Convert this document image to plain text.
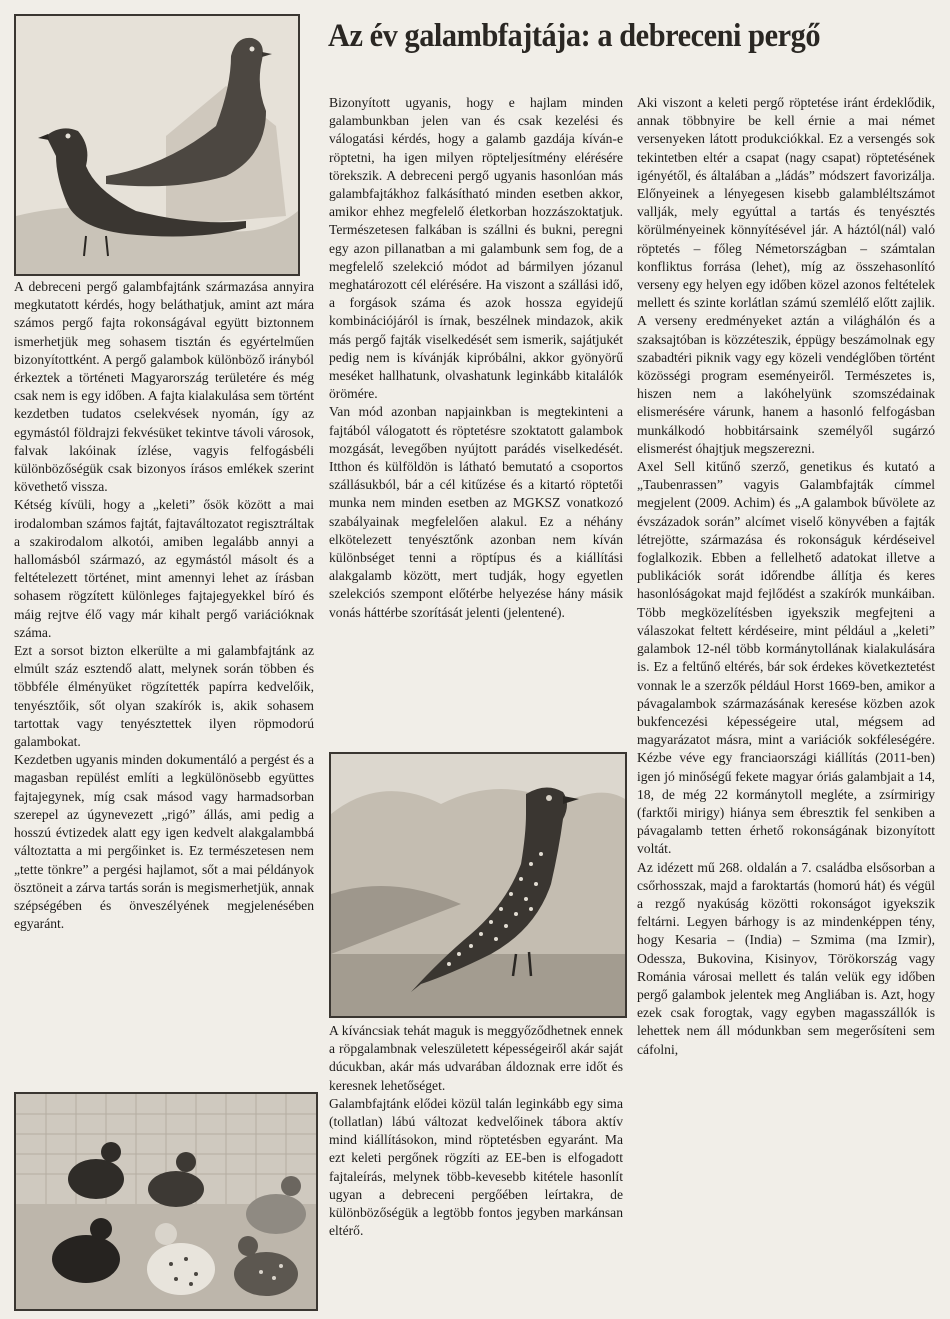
Az év galambfajtája: a debreceni pergő

A debreceni pergő galambfajtánk származása annyira megkutatott kérdés, hogy beláthatjuk, amint azt mára számos pergő fajta rokonságával együtt biztonnem ismerhetjük meg sohasem tisztán és egyértelműen bizonyítottként. A pergő galambok különböző irányból érkeztek a történeti Magyarország területére és még csak nem is egy időben. A fajta kialakulása sem történt kezdetben tudatos cselekvések nyomán, így az egymástól földrajzi fekvésüket tekintve távoli városok, falvak lakóinak ízlése, vagyis felfogásbéli különbözőségük csak bizonyos írásos emlékek szerint követhető vissza.

Kétség kívüli, hogy a „keleti” ősök között a mai irodalomban számos fajtát, fajtaváltozatot regisztráltak a szakirodalom alkotói, amiben legalább annyi a hallomásból származó, az egymástól másolt és a feltételezett történet, mint amennyi lehet az írásban sohasem rögzített különleges fajtajegyekkel bíró és máig rejtve élő vagy már kihalt pergő variációknak száma.

Ezt a sorsot bizton elkerülte a mi galambfajtánk az elmúlt száz esztendő alatt, melynek során többen és többféle élményüket rögzítették papírra kedvelőik, tenyésztőik, sőt olyan szakírók is, akik sohasem tartottak vagy tenyésztettek ilyen röpmodorú galambokat.

Kezdetben ugyanis minden dokumentáló a pergést és a magasban repülést említi a legkülönösebb együttes fajtajegynek, míg csak másod vagy harmadsorban szerepel az úgynevezett „rigó” állás, ami pedig a hosszú évtizedek alatt egy igen kedvelt alakgalambbá változtatta a mi pergőinket is. Ez természetesen nem „tette tönkre” a pergési hajlamot, sőt a mai példányok ösztöneit a zárva tartás során is megismerhetjük, annak szépségében és önveszélyének megjelenésében egyaránt.

Bizonyított ugyanis, hogy e hajlam minden galambunkban jelen van és csak kezelési és válogatási kérdés, hogy a galamb gazdája kíván-e röptetni, ha igen milyen röpteljesítmény elérésére törekszik. A debreceni pergő ugyanis hasonlóan más galambfajtákhoz falkásítható minden esetben akkor, amikor ehhez megfelelő életkorban hozzászoktatjuk. Természetesen falkában is szállni és bukni, peregni egy azon pillanatban a mi galambunk sem fog, de a megfelelő szelekció módot ad bármilyen józanul meghatározott cél elérésére. Ha viszont a szállási idő, a forgások száma és azok hossza egyidejű kombinációjáról is írnak, beszélnek mindazok, akik más pergő fajták viselkedését sem ismerik, sajátjukét pedig nem is kívánják kipróbálni, akkor gyönyörű meséket hallhatunk, olvashatunk leginkább kitalálók örömére.

Van mód azonban napjainkban is megtekinteni a fajtából válogatott és röptetésre szoktatott galambok mozgását, levegőben nyújtott parádés viselkedését. Itthon és külföldön is látható bemutató a csoportos szállásukból, bár a cél kitűzése és a kitartó röptetői munka nem minden esetben az MGKSZ vonatkozó szabályainak megfelelően alakul. Ez a néhány elkötelezett tenyésztőnk azonban nem kíván különbséget tenni a röptípus és a kiállítási alakgalamb között, mert tudják, hogy egyetlen szelekciós szempont előtérbe helyezése hány másik vonás háttérbe szorítását jelenti (jelentené).

A kíváncsiak tehát maguk is meggyőződhetnek ennek a röpgalambnak veleszületett képességeiről akár saját dúcukban, akár más udvarában áldoznak erre időt és keresnek lehetőséget.

Galambfajtánk elődei közül talán leginkább egy sima (tollatlan) lábú változat kedvelőinek tábora aktív mind kiállításokon, mind röptetésben egyaránt. Ma ezt keleti pergőnek rögzíti az EE-ben is elfogadott fajtaleírás, melynek több-kevesebb kitétele hasonlít ugyan a debreceni pergőében leírtakra, de különbözőségük a legtöbb fontos jegyben markánsan eltérő.

Aki viszont a keleti pergő röptetése iránt érdeklődik, annak többnyire be kell érnie a mai német versenyeken látott produkciókkal. Ez a versengés sok tekintetben eltér a csapat (nagy csapat) röptetésének igényétől, és általában a „ládás” módszert favorizálja. Előnyeinek a lényegesen kisebb galambléltszámot vallják, mely egyúttal a tartás és tenyésztés körülményeinek könnyítésével jár. A háztól(nál) való röptetés – főleg Németországban – számtalan konfliktus forrása (lehet), míg az összehasonlító verseny egy helyen egy időben közel azonos feltételek mellett és szinte korlátlan számú szemlélő előtt zajlik. A verseny eredményeket aztán a világhálón és a szaksajtóban is közzéteszik, éppügy beszámolnak egy szabadtéri piknik vagy egy közeli vendéglőben történt közösségi program eseményeiről. Természetes is, hiszen nem a lakóhelyünk szomszédainak elismerésére várunk, hanem a hasonló felfogásban munkálkodó hobbitársaink személyől sugárzó elismerést óhajtjuk megszerezni.

Axel Sell kitűnő szerző, genetikus és kutató a „Taubenrassen” vagyis Galambfajták címmel megjelent (2009. Achim) és „A galambok bűvölete az évszázadok során” alcímet viselő könyvében a fajták létrejötte, származása és rokonságuk kérdéseivel foglalkozik. Ebben a fellelhető adatokat illetve a publikációk sorát időrendbe állítja és keres hasonlóságokat majd fejlődést a szakírók munkáiban. Több megközelítésben igyekszik megfejteni a válaszokat feltett kérdéseire, mint például a „keleti” galambok 12-nél több kormánytollának kialakulására is. Ez a feltűnő eltérés, bár sok érdekes következtetést vonnak le a szerzők például Horst 1669-ben, amikor a pávagalambok származásának keresése közben azok bukfencezési képességeire utal, mégsem ad magyarázatot másra, mint a variációk sokféleségére. Kézbe véve egy franciaországi kiállítás (2011-ben) igen jó minőségű fekete magyar óriás galambjait a 14, 18, de még 22 kormánytoll megléte, a zsírmirigy (farktői mirigy) hiánya sem ébresztik fel senkiben a pávagalamb tetten érhető rokonságának bizonyított voltát.

Az idézett mű 268. oldalán a 7. családba elsősorban a csőrhosszak, majd a faroktartás (homorú hát) és végül a rezgő nyakúság közötti rokonságot igyekszik feltárni. Legyen bárhogy is az mindenképpen tény, hogy Kesaria – (India) – Szmima (ma Izmir), Odessza, Bukovina, Kisinyov, Törökország vagy Románia városai mellett és talán velük egy időben pergő galambok jelentek meg Angliában is. Azt, hogy ezek csak forogtak, vagy egyben magasszállók is lehettek nem áll módunkban sem megerősíteni sem cáfolni,
